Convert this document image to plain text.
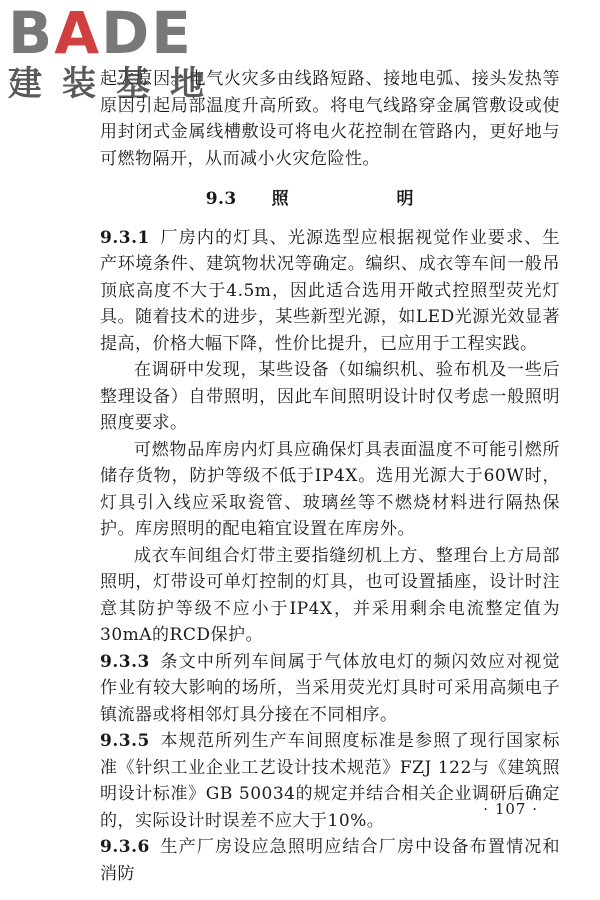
BADE
建装基地

起火原因。电气火灾多由线路短路、接地电弧、接头发热等原因引起局部温度升高所致。将电气线路穿金属管敷设或使用封闭式金属线槽敷设可将电火花控制在管路内，更好地与可燃物隔开，从而减小火灾危险性。

9.3 照 明

9.3.1 厂房内的灯具、光源选型应根据视觉作业要求、生产环境条件、建筑物状况等确定。编织、成衣等车间一般吊顶底高度不大于4.5m，因此适合选用开敞式控照型荧光灯具。随着技术的进步，某些新型光源，如LED光源光效显著提高，价格大幅下降，性价比提升，已应用于工程实践。

在调研中发现，某些设备（如编织机、验布机及一些后整理设备）自带照明，因此车间照明设计时仅考虑一般照明照度要求。

可燃物品库房内灯具应确保灯具表面温度不可能引燃所储存货物，防护等级不低于IP4X。选用光源大于60W时，灯具引入线应采取瓷管、玻璃丝等不燃烧材料进行隔热保护。库房照明的配电箱宜设置在库房外。

成衣车间组合灯带主要指缝纫机上方、整理台上方局部照明，灯带设可单灯控制的灯具，也可设置插座，设计时注意其防护等级不应小于IP4X，并采用剩余电流整定值为30mA的RCD保护。

9.3.3 条文中所列车间属于气体放电灯的频闪效应对视觉作业有较大影响的场所，当采用荧光灯具时可采用高频电子镇流器或将相邻灯具分接在不同相序。

9.3.5 本规范所列生产车间照度标准是参照了现行国家标准《针织工业企业工艺设计技术规范》FZJ 122与《建筑照明设计标准》GB 50034的规定并结合相关企业调研后确定的，实际设计时误差不应大于10%。

9.3.6 生产厂房设应急照明应结合厂房中设备布置情况和消防

· 107 ·
